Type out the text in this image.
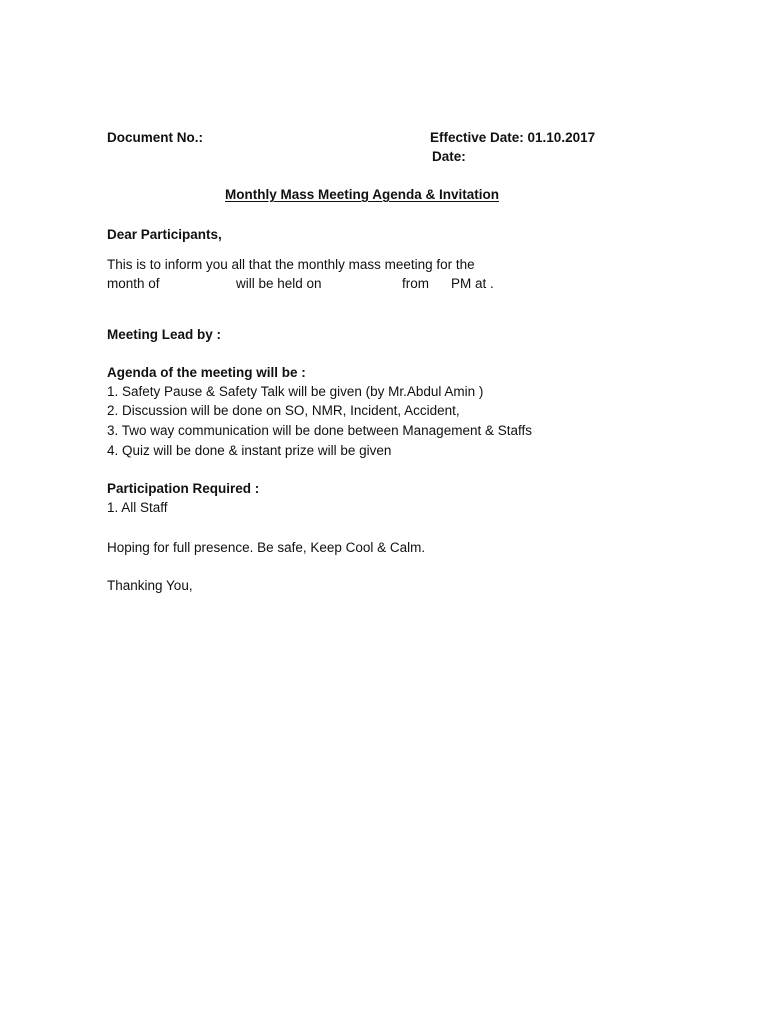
Document No.:	Effective Date: 01.10.2017
Date:
Monthly Mass Meeting Agenda & Invitation
Dear Participants,
This is to inform you all that the monthly mass meeting for the
month of	will be held on	from PM at .
Meeting Lead by :
Agenda of the meeting will be :
1. Safety Pause & Safety Talk will be given (by Mr.Abdul Amin )
2. Discussion will be done on SO, NMR, Incident, Accident,
3. Two way communication will be done between Management & Staffs
4. Quiz will be done & instant prize will be given
Participation Required :
1. All Staff
Hoping for full presence. Be safe, Keep Cool & Calm.
Thanking You,
